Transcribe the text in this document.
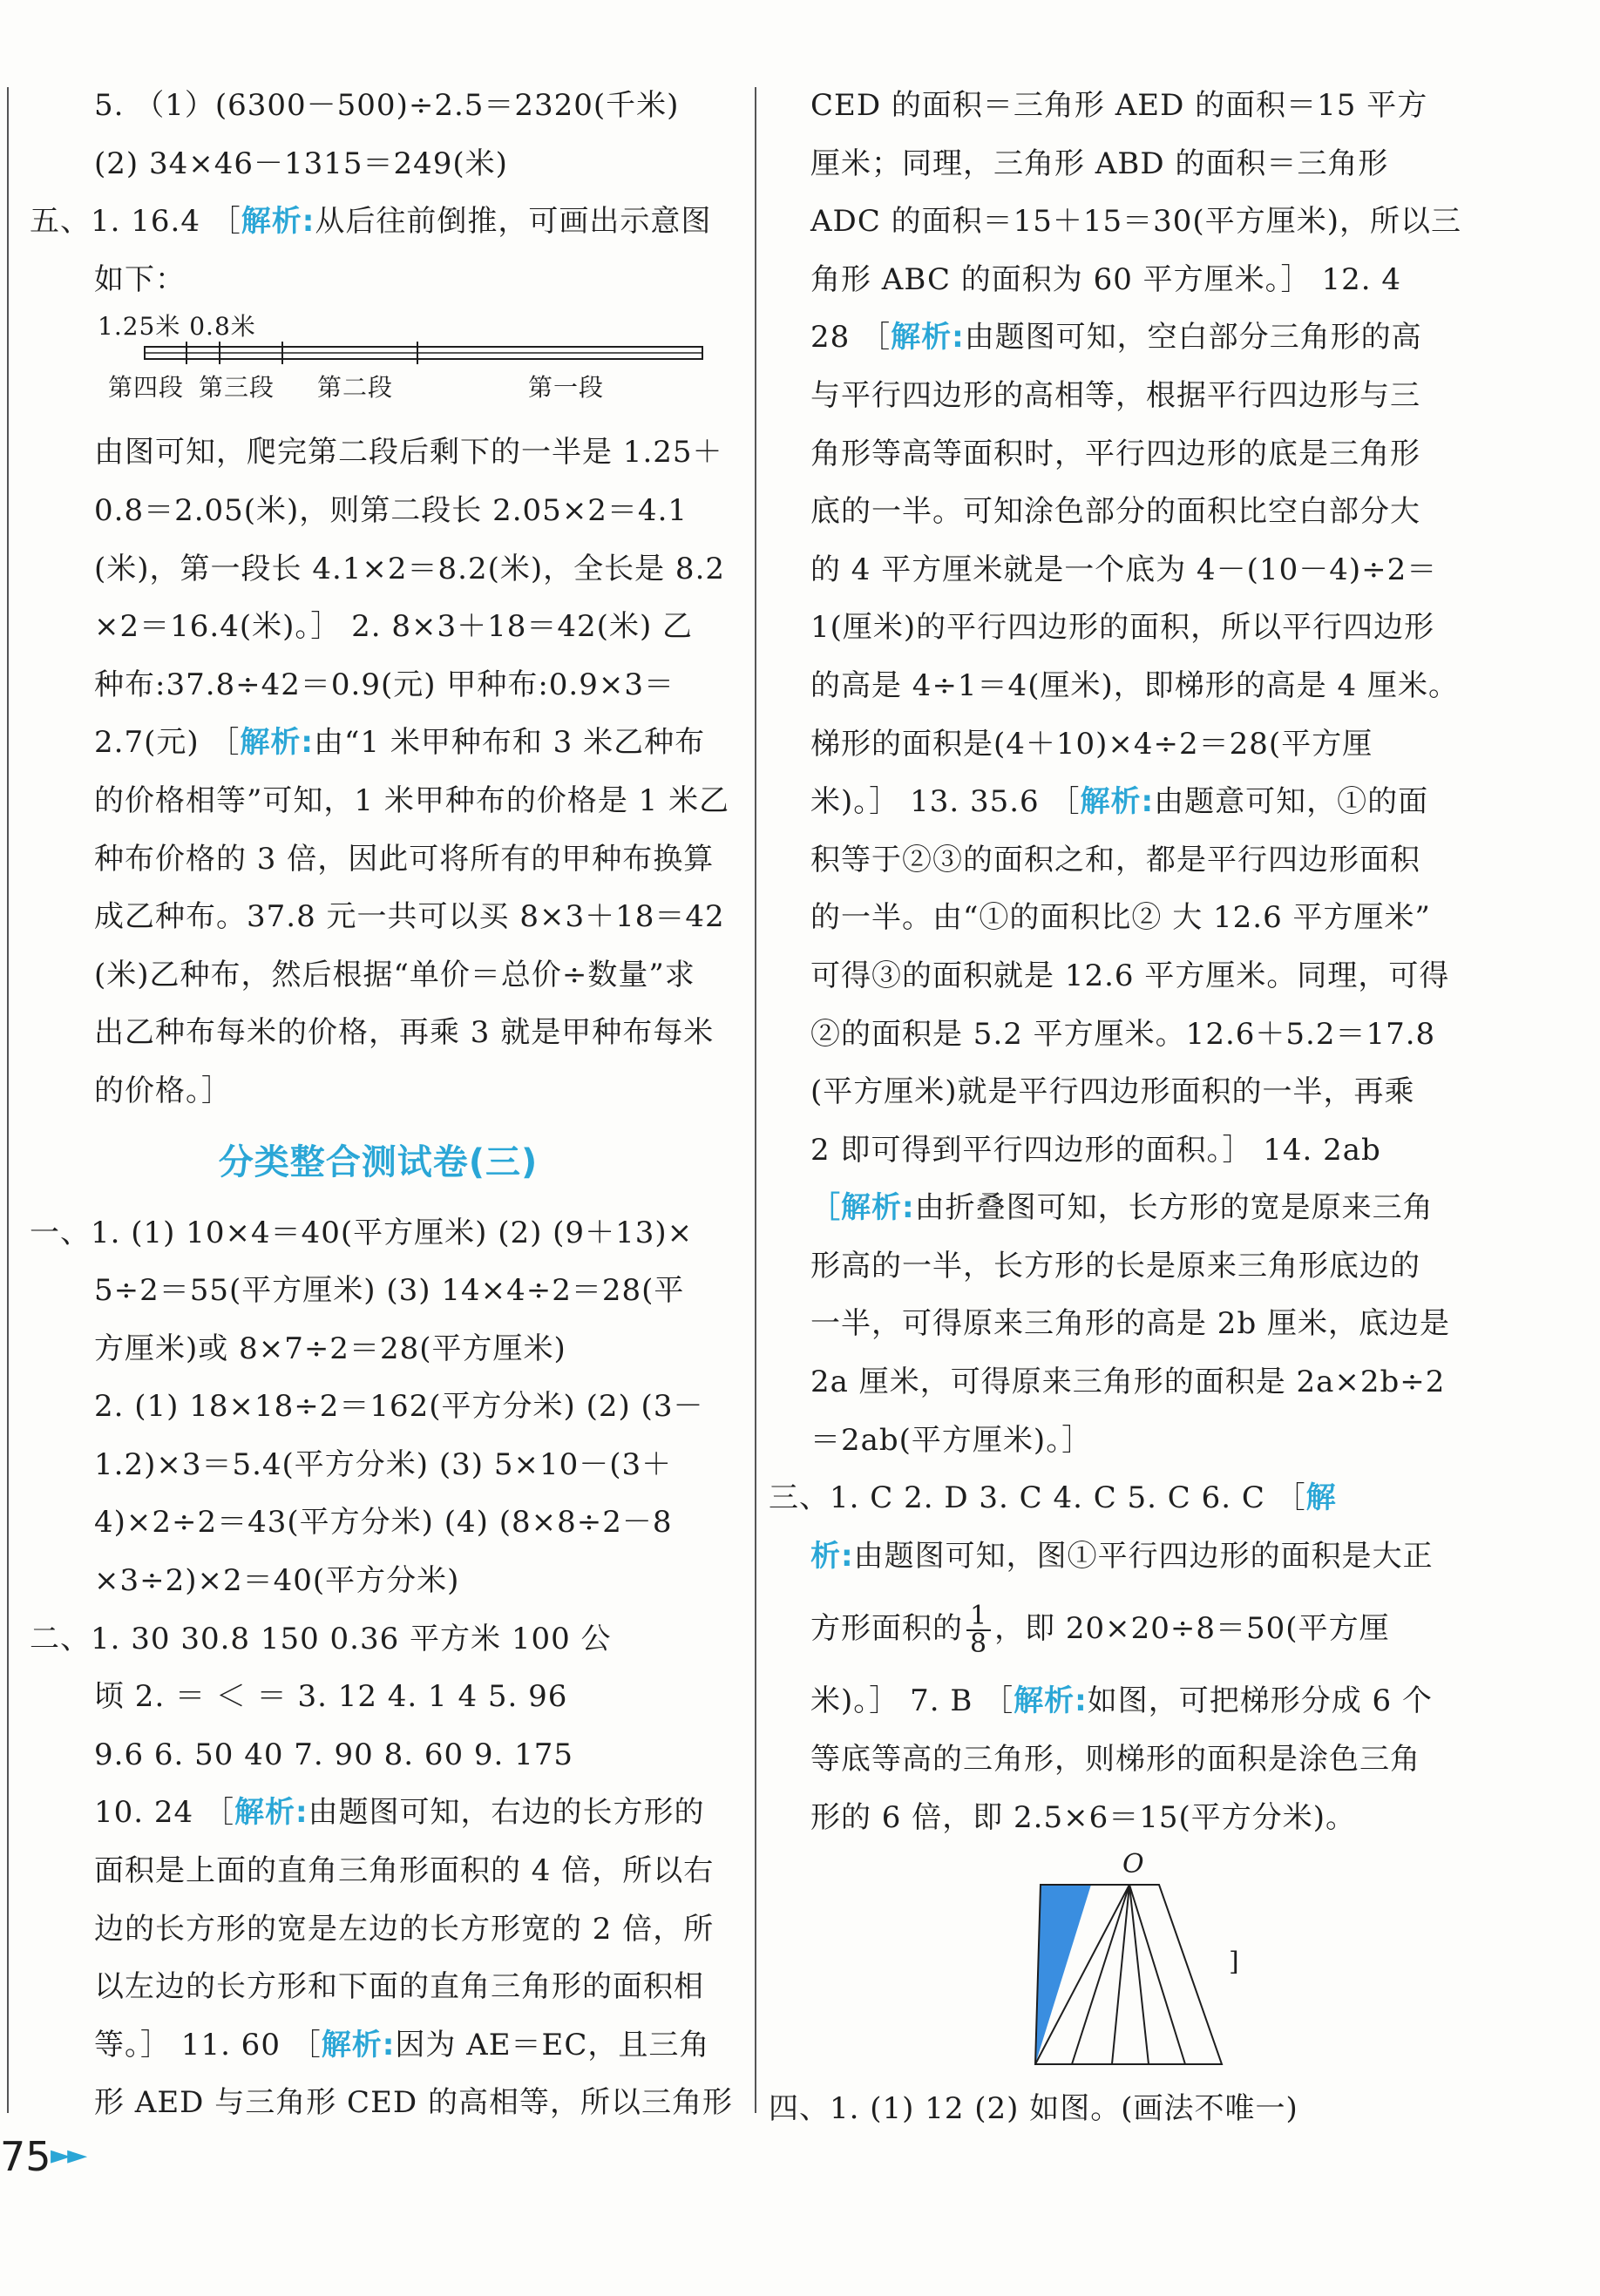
5. （1）(6300－500)÷2.5＝2320(千米)

(2) 34×46－1315＝249(米)

五、1. 16.4 ［解析:从后往前倒推，可画出示意图

如下：

1.25米 0.8米
第四段 第三段 第二段	第一段

由图可知，爬完第二段后剩下的一半是 1.25＋

0.8＝2.05(米)，则第二段长 2.05×2＝4.1

(米)，第一段长 4.1×2＝8.2(米)，全长是 8.2

×2＝16.4(米)。］ 2. 8×3＋18＝42(米) 乙

种布:37.8÷42＝0.9(元) 甲种布:0.9×3＝

2.7(元) ［解析:由“1 米甲种布和 3 米乙种布

的价格相等”可知，1 米甲种布的价格是 1 米乙

种布价格的 3 倍，因此可将所有的甲种布换算

成乙种布。37.8 元一共可以买 8×3＋18＝42

(米)乙种布，然后根据“单价＝总价÷数量”求

出乙种布每米的价格，再乘 3 就是甲种布每米

的价格。］

分类整合测试卷(三)

一、1. (1) 10×4＝40(平方厘米) (2) (9＋13)×

5÷2＝55(平方厘米) (3) 14×4÷2＝28(平

方厘米)或 8×7÷2＝28(平方厘米)

2. (1) 18×18÷2＝162(平方分米) (2) (3－

1.2)×3＝5.4(平方分米) (3) 5×10－(3＋

4)×2÷2＝43(平方分米) (4) (8×8÷2－8

×3÷2)×2＝40(平方分米)

二、1. 30 30.8 150 0.36 平方米 100 公

顷 2. ＝ ＜ ＝ 3. 12 4. 1 4 5. 96

9.6 6. 50 40 7. 90 8. 60 9. 175

10. 24 ［解析:由题图可知，右边的长方形的

面积是上面的直角三角形面积的 4 倍，所以右

边的长方形的宽是左边的长方形宽的 2 倍，所

以左边的长方形和下面的直角三角形的面积相

等。］ 11. 60 ［解析:因为 AE＝EC，且三角

形 AED 与三角形 CED 的高相等，所以三角形

CED 的面积＝三角形 AED 的面积＝15 平方

厘米；同理，三角形 ABD 的面积＝三角形

ADC 的面积＝15＋15＝30(平方厘米)，所以三

角形 ABC 的面积为 60 平方厘米。］ 12. 4

28 ［解析:由题图可知，空白部分三角形的高

与平行四边形的高相等，根据平行四边形与三

角形等高等面积时，平行四边形的底是三角形

底的一半。可知涂色部分的面积比空白部分大

的 4 平方厘米就是一个底为 4－(10－4)÷2＝

1(厘米)的平行四边形的面积，所以平行四边形

的高是 4÷1＝4(厘米)，即梯形的高是 4 厘米。

梯形的面积是(4＋10)×4÷2＝28(平方厘

米)。］ 13. 35.6 ［解析:由题意可知，①的面

积等于②③的面积之和，都是平行四边形面积

的一半。由“①的面积比② 大 12.6 平方厘米”

可得③的面积就是 12.6 平方厘米。同理，可得

②的面积是 5.2 平方厘米。12.6＋5.2＝17.8

(平方厘米)就是平行四边形面积的一半，再乘

2 即可得到平行四边形的面积。］ 14. 2ab

［解析:由折叠图可知，长方形的宽是原来三角

形高的一半，长方形的长是原来三角形底边的

一半，可得原来三角形的高是 2b 厘米，底边是

2a 厘米，可得原来三角形的面积是 2a×2b÷2

＝2ab(平方厘米)。］

三、1. C 2. D 3. C 4. C 5. C 6. C ［解

析:由题图可知，图①平行四边形的面积是大正

方形面积的 $\frac{1}{8}$ ，即 20×20÷8＝50(平方厘

米)。］ 7. B ［解析:如图，可把梯形分成 6 个

等底等高的三角形，则梯形的面积是涂色三角

形的 6 倍，即 2.5×6＝15(平方分米)。

O
]

四、1. (1) 12 (2) 如图。(画法不唯一)

75 ►►
